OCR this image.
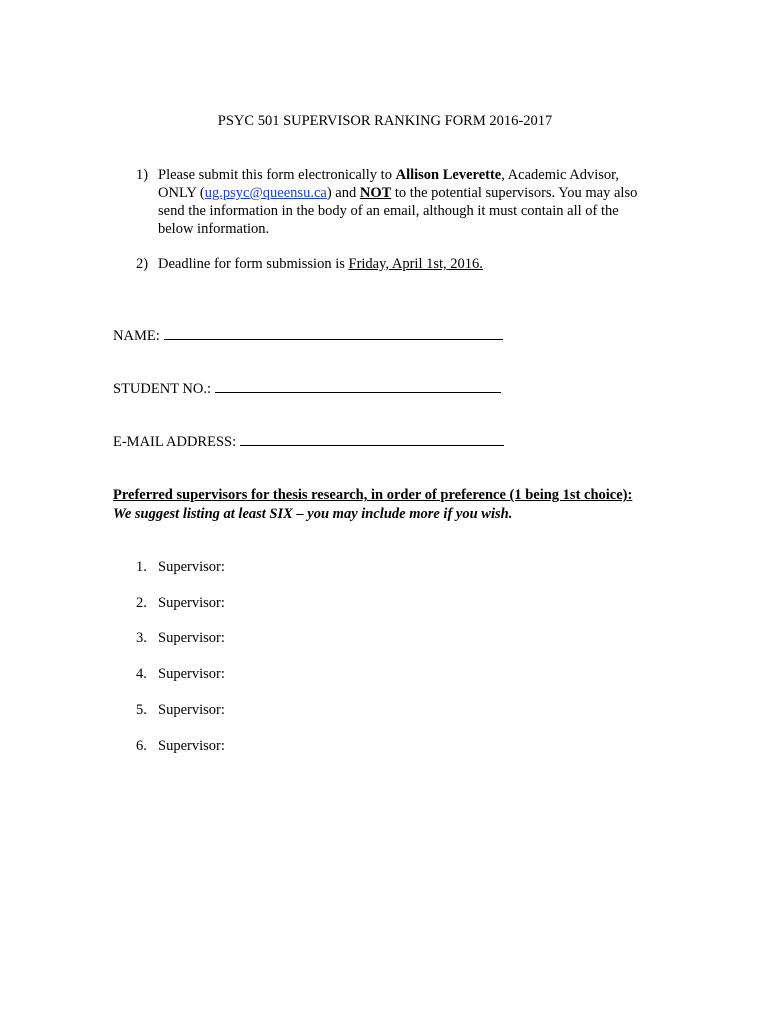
PSYC 501 SUPERVISOR RANKING FORM 2016-2017
1) Please submit this form electronically to Allison Leverette, Academic Advisor, ONLY (ug.psyc@queensu.ca) and NOT to the potential supervisors. You may also send the information in the body of an email, although it must contain all of the below information.
2) Deadline for form submission is Friday, April 1st, 2016.
NAME:
STUDENT NO.:
E-MAIL ADDRESS:
Preferred supervisors for thesis research, in order of preference (1 being 1st choice):
We suggest listing at least SIX – you may include more if you wish.
1. Supervisor:
2. Supervisor:
3. Supervisor:
4. Supervisor:
5. Supervisor:
6. Supervisor:
